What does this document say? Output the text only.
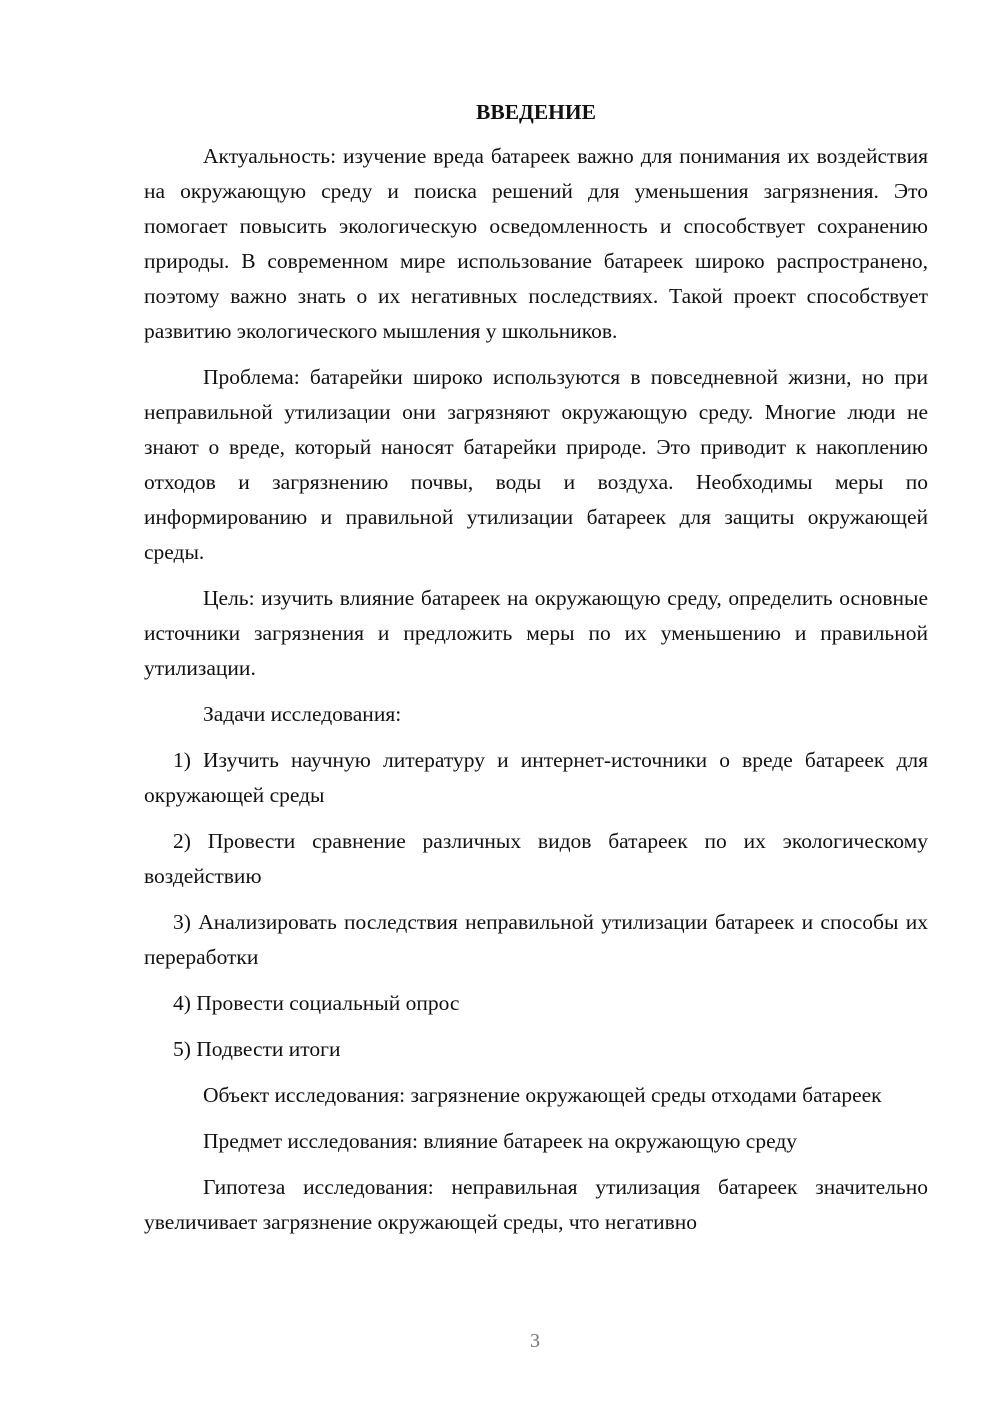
ВВЕДЕНИЕ

Актуальность: изучение вреда батареек важно для понимания их воздействия на окружающую среду и поиска решений для уменьшения загрязнения. Это помогает повысить экологическую осведомленность и способствует сохранению природы. В современном мире использование батареек широко распространено, поэтому важно знать о их негативных последствиях. Такой проект способствует развитию экологического мышления у школьников.

Проблема: батарейки широко используются в повседневной жизни, но при неправильной утилизации они загрязняют окружающую среду. Многие люди не знают о вреде, который наносят батарейки природе. Это приводит к накоплению отходов и загрязнению почвы, воды и воздуха. Необходимы меры по информированию и правильной утилизации батареек для защиты окружающей среды.

Цель: изучить влияние батареек на окружающую среду, определить основные источники загрязнения и предложить меры по их уменьшению и правильной утилизации.

Задачи исследования:

1) Изучить научную литературу и интернет-источники о вреде батареек для окружающей среды

2) Провести сравнение различных видов батареек по их экологическому воздействию

3) Анализировать последствия неправильной утилизации батареек и способы их переработки

4) Провести социальный опрос

5) Подвести итоги

Объект исследования: загрязнение окружающей среды отходами батареек

Предмет исследования: влияние батареек на окружающую среду

Гипотеза исследования: неправильная утилизация батареек значительно увеличивает загрязнение окружающей среды, что негативно

3
